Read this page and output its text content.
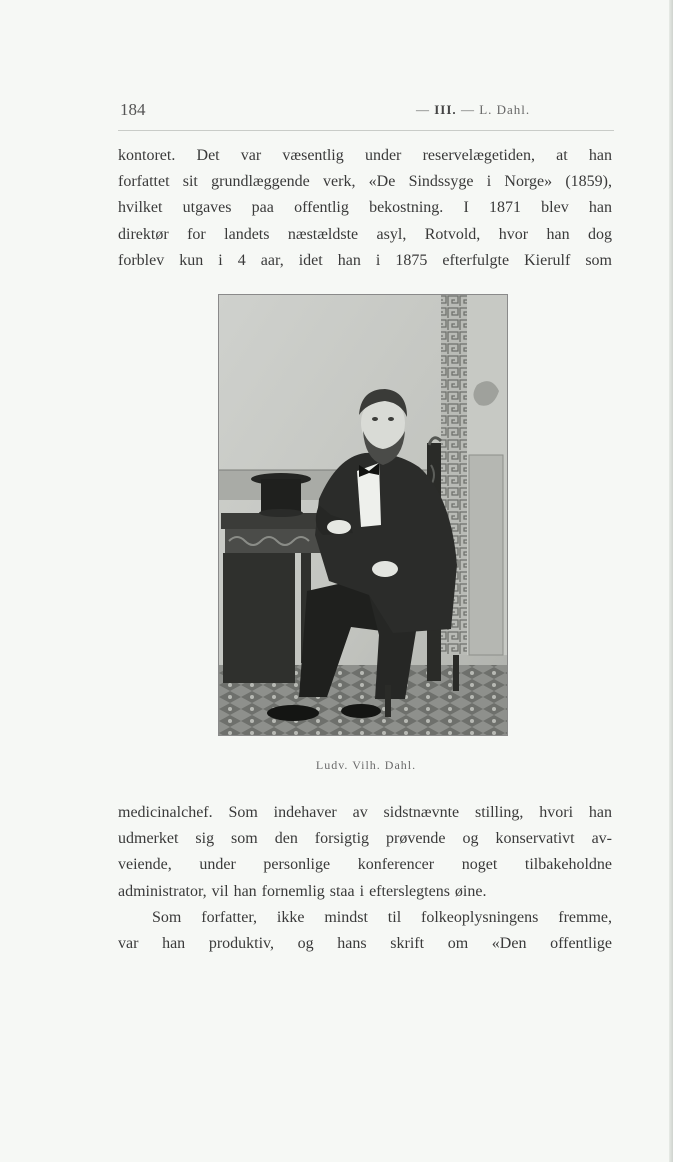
184	— III. — L. Dahl.
kontoret. Det var væsentlig under reservelægetiden, at han
forfattet sit grundlæggende verk, «De Sindssyge i Norge» (1859),
hvilket utgaves paa offentlig bekostning. I 1871 blev han
direktør for landets næstældste asyl, Rotvold, hvor han dog
forblev kun i 4 aar, idet han i 1875 efterfulgte Kierulf som
Ludv. Vilh. Dahl.
medicinalchef. Som indehaver av sidstnævnte stilling, hvori han
udmerket sig som den forsigtig prøvende og konservativt av-
veiende, under personlige konferencer noget tilbakeholdne
administrator, vil han fornemlig staa i efterslegtens øine.
Som forfatter, ikke mindst til folkeoplysningens fremme,
var han produktiv, og hans skrift om «Den offentlige
